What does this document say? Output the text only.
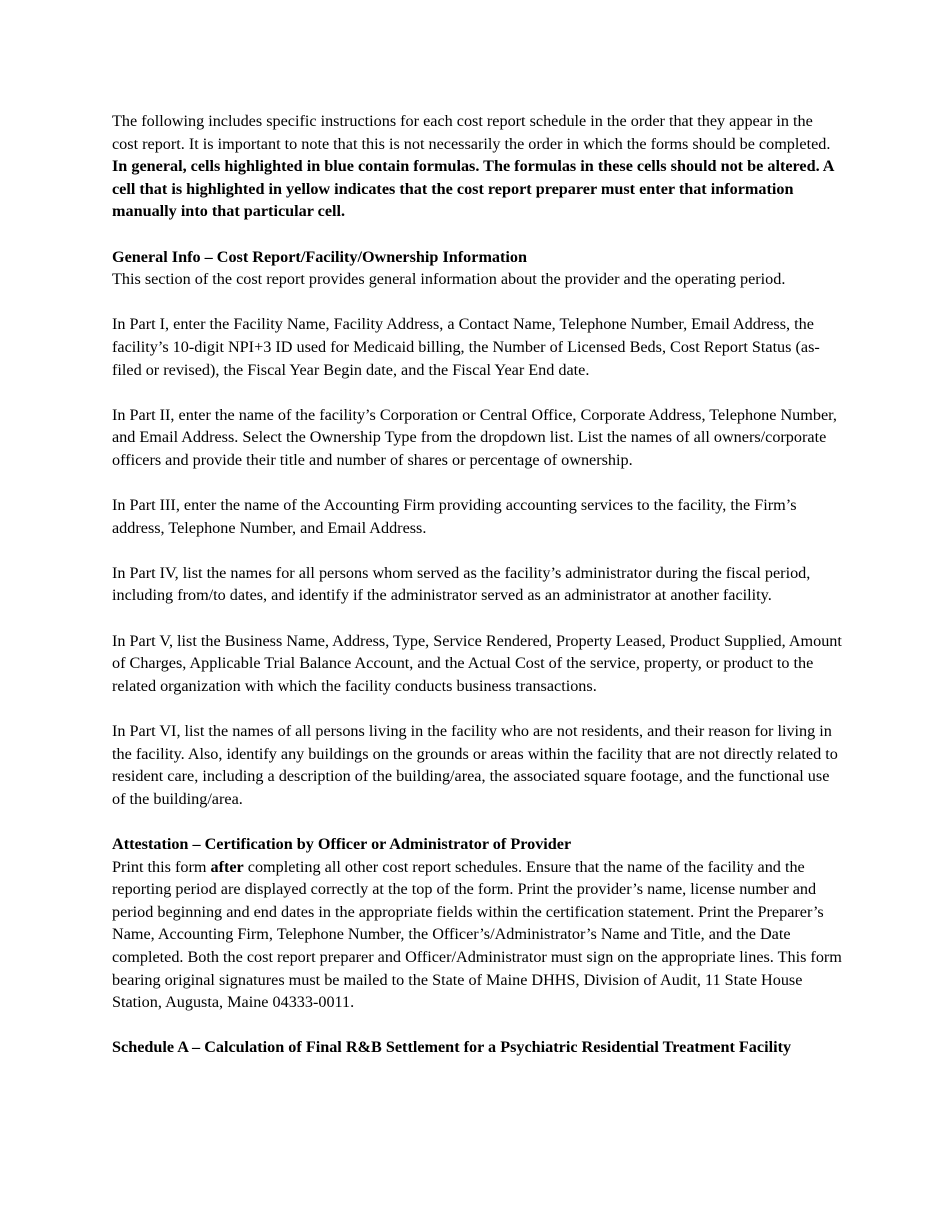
The following includes specific instructions for each cost report schedule in the order that they appear in the cost report. It is important to note that this is not necessarily the order in which the forms should be completed. In general, cells highlighted in blue contain formulas. The formulas in these cells should not be altered. A cell that is highlighted in yellow indicates that the cost report preparer must enter that information manually into that particular cell.

General Info – Cost Report/Facility/Ownership Information
This section of the cost report provides general information about the provider and the operating period.

In Part I, enter the Facility Name, Facility Address, a Contact Name, Telephone Number, Email Address, the facility’s 10-digit NPI+3 ID used for Medicaid billing, the Number of Licensed Beds, Cost Report Status (as-filed or revised), the Fiscal Year Begin date, and the Fiscal Year End date.

In Part II, enter the name of the facility’s Corporation or Central Office, Corporate Address, Telephone Number, and Email Address. Select the Ownership Type from the dropdown list. List the names of all owners/corporate officers and provide their title and number of shares or percentage of ownership.

In Part III, enter the name of the Accounting Firm providing accounting services to the facility, the Firm’s address, Telephone Number, and Email Address.

In Part IV, list the names for all persons whom served as the facility’s administrator during the fiscal period, including from/to dates, and identify if the administrator served as an administrator at another facility.

In Part V, list the Business Name, Address, Type, Service Rendered, Property Leased, Product Supplied, Amount of Charges, Applicable Trial Balance Account, and the Actual Cost of the service, property, or product to the related organization with which the facility conducts business transactions.

In Part VI, list the names of all persons living in the facility who are not residents, and their reason for living in the facility. Also, identify any buildings on the grounds or areas within the facility that are not directly related to resident care, including a description of the building/area, the associated square footage, and the functional use of the building/area.

Attestation – Certification by Officer or Administrator of Provider
Print this form after completing all other cost report schedules. Ensure that the name of the facility and the reporting period are displayed correctly at the top of the form. Print the provider’s name, license number and period beginning and end dates in the appropriate fields within the certification statement. Print the Preparer’s Name, Accounting Firm, Telephone Number, the Officer’s/Administrator’s Name and Title, and the Date completed. Both the cost report preparer and Officer/Administrator must sign on the appropriate lines. This form bearing original signatures must be mailed to the State of Maine DHHS, Division of Audit, 11 State House Station, Augusta, Maine 04333-0011.

Schedule A – Calculation of Final R&B Settlement for a Psychiatric Residential Treatment Facility
